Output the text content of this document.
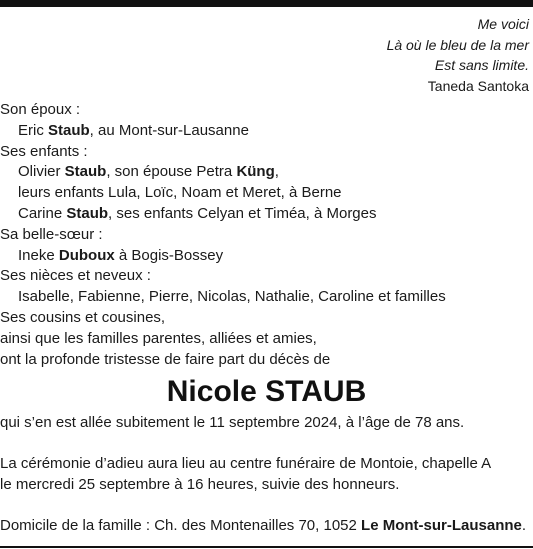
Me voici
Là où le bleu de la mer
Est sans limite.
Taneda Santoka
Son époux :
Eric Staub, au Mont-sur-Lausanne
Ses enfants :
Olivier Staub, son épouse Petra Küng,
leurs enfants Lula, Loïc, Noam et Meret, à Berne
Carine Staub, ses enfants Celyan et Timéa, à Morges
Sa belle-sœur :
Ineke Duboux à Bogis-Bossey
Ses nièces et neveux :
Isabelle, Fabienne, Pierre, Nicolas, Nathalie, Caroline et familles
Ses cousins et cousines,
ainsi que les familles parentes, alliées et amies,
ont la profonde tristesse de faire part du décès de
Nicole STAUB
qui s’en est allée subitement le 11 septembre 2024, à l’âge de 78 ans.
La cérémonie d’adieu aura lieu au centre funéraire de Montoie, chapelle A
le mercredi 25 septembre à 16 heures, suivie des honneurs.
Domicile de la famille : Ch. des Montenailles 70, 1052 Le Mont-sur-Lausanne.
